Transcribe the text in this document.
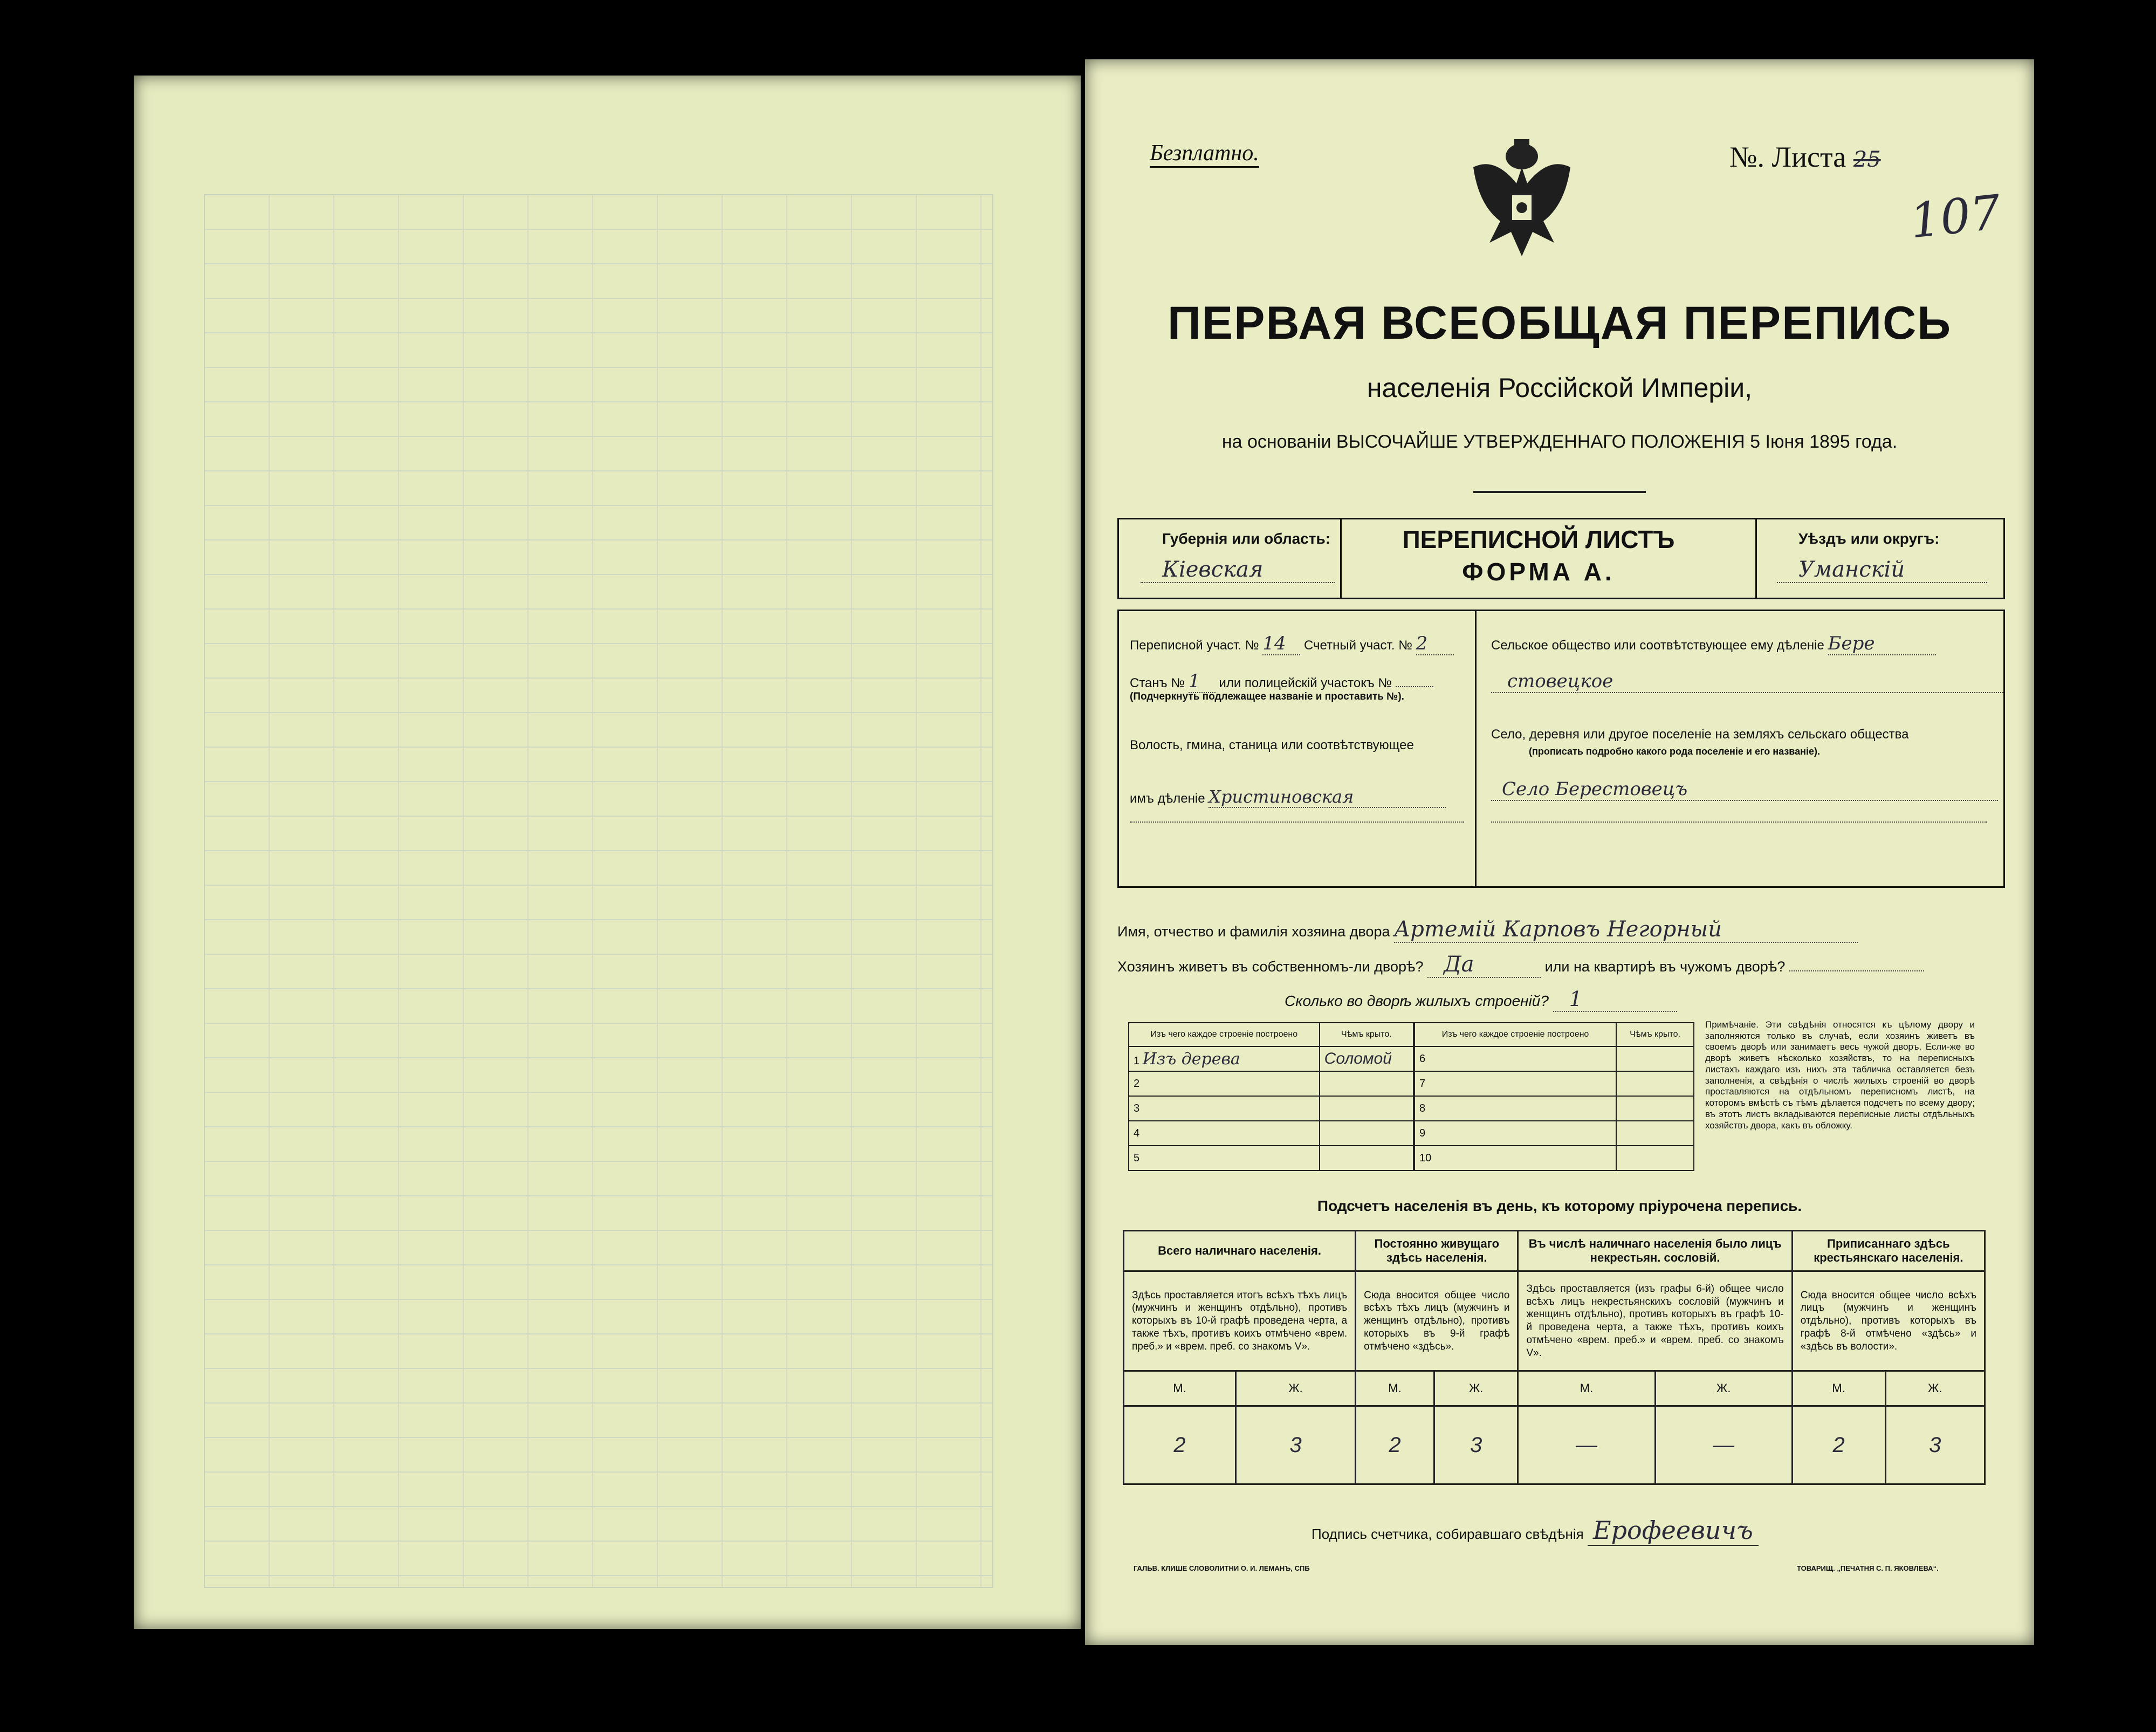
Безплатно.	№. Листа 25
107
ПЕРВАЯ ВСЕОБЩАЯ ПЕРЕПИСЬ
населенія Россійской Имперіи,
на основаніи ВЫСОЧАЙШЕ УТВЕРЖДЕННАГО ПОЛОЖЕНІЯ 5 Іюня 1895 года.
Губернія или область:
Кіевская
ПЕРЕПИСНОЙ ЛИСТЪ
ФОРМА А.
Уѣздъ или округъ:
Уманскій
Переписной участ. № 14 Счетный участ. № 2
Станъ № 1 или полицейскій участокъ №
(Подчеркнуть подлежащее названіе и проставить №).
Волость, гмина, станица или соотвѣтствующее
имъ дѣленіе Христиновская
Сельское общество или соотвѣтствующее ему дѣленіе Бере
стовецкое
Село, деревня или другое поселеніе на земляхъ сельскаго общества
(прописать подробно какого рода поселеніе и его названіе).
Село Берестовецъ
Имя, отчество и фамилія хозяина двора Артемій Карповъ Негорный
Хозяинъ живетъ въ собственномъ-ли дворѣ? Да	или на квартирѣ въ чужомъ дворѣ?
Сколько во дворѣ жилыхъ строеній? 1
Изъ чего каждое строеніе построено	Чѣмъ крыто.
1 Изъ дерева	Соломой
2	
3	
4	
5	
Изъ чего каждое строеніе построено	Чѣмъ крыто.
6	
7	
8	
9	
10	
Примѣчаніе. Эти свѣдѣнія относятся къ цѣлому двору и заполняются только въ случаѣ, если хозяинъ живетъ въ своемъ дворѣ или занимаетъ весь чужой дворъ. Если-же во дворѣ живетъ нѣсколько хозяйствъ, то на переписныхъ листахъ каждаго изъ нихъ эта табличка оставляется безъ заполненія, а свѣдѣнія о числѣ жилыхъ строеній во дворѣ проставляются на отдѣльномъ переписномъ листѣ, на которомъ вмѣстѣ съ тѣмъ дѣлается подсчетъ по всему двору; въ этотъ листъ вкладываются переписные листы отдѣльныхъ хозяйствъ двора, какъ въ обложку.
Подсчетъ населенія въ день, къ которому пріурочена перепись.
Всего наличнаго населенія.		Постоянно живущаго здѣсь населенія.		Въ числѣ наличнаго населенія было лицъ некрестьян. сословій.		Приписаннаго здѣсь крестьянскаго населенія.	
Здѣсь проставляется итогъ всѣхъ тѣхъ лицъ (мужчинъ и женщинъ отдѣльно), противъ которыхъ въ 10-й графѣ проведена черта, а также тѣхъ, противъ коихъ отмѣчено «врем. преб.» и «врем. преб. со знакомъ V».		Сюда вносится общее число всѣхъ тѣхъ лицъ (мужчинъ и женщинъ отдѣльно), противъ которыхъ въ 9-й графѣ отмѣчено «здѣсь».		Здѣсь проставляется (изъ графы 6-й) общее число всѣхъ лицъ некрестьянскихъ сословій (мужчинъ и женщинъ отдѣльно), противъ которыхъ въ графѣ 10-й проведена черта, а также тѣхъ, противъ коихъ отмѣчено «врем. преб.» и «врем. преб. со знакомъ V».		Сюда вносится общее число всѣхъ лицъ (мужчинъ и женщинъ отдѣльно), противъ которыхъ въ графѣ 8-й отмѣчено «здѣсь» и «здѣсь въ волости».	
М.	Ж.	М.	Ж.	М.	Ж.	М.	Ж.
2	3	2	3	—	—	2	3
Подпись счетчика, собиравшаго свѣдѣнія Ерофеевичъ
ГАЛЬВ. КЛИШЕ СЛОВОЛИТНИ О. И. ЛЕМАНЪ, СПБ	ТОВАРИЩ. „ПЕЧАТНЯ С. П. ЯКОВЛЕВА“.
